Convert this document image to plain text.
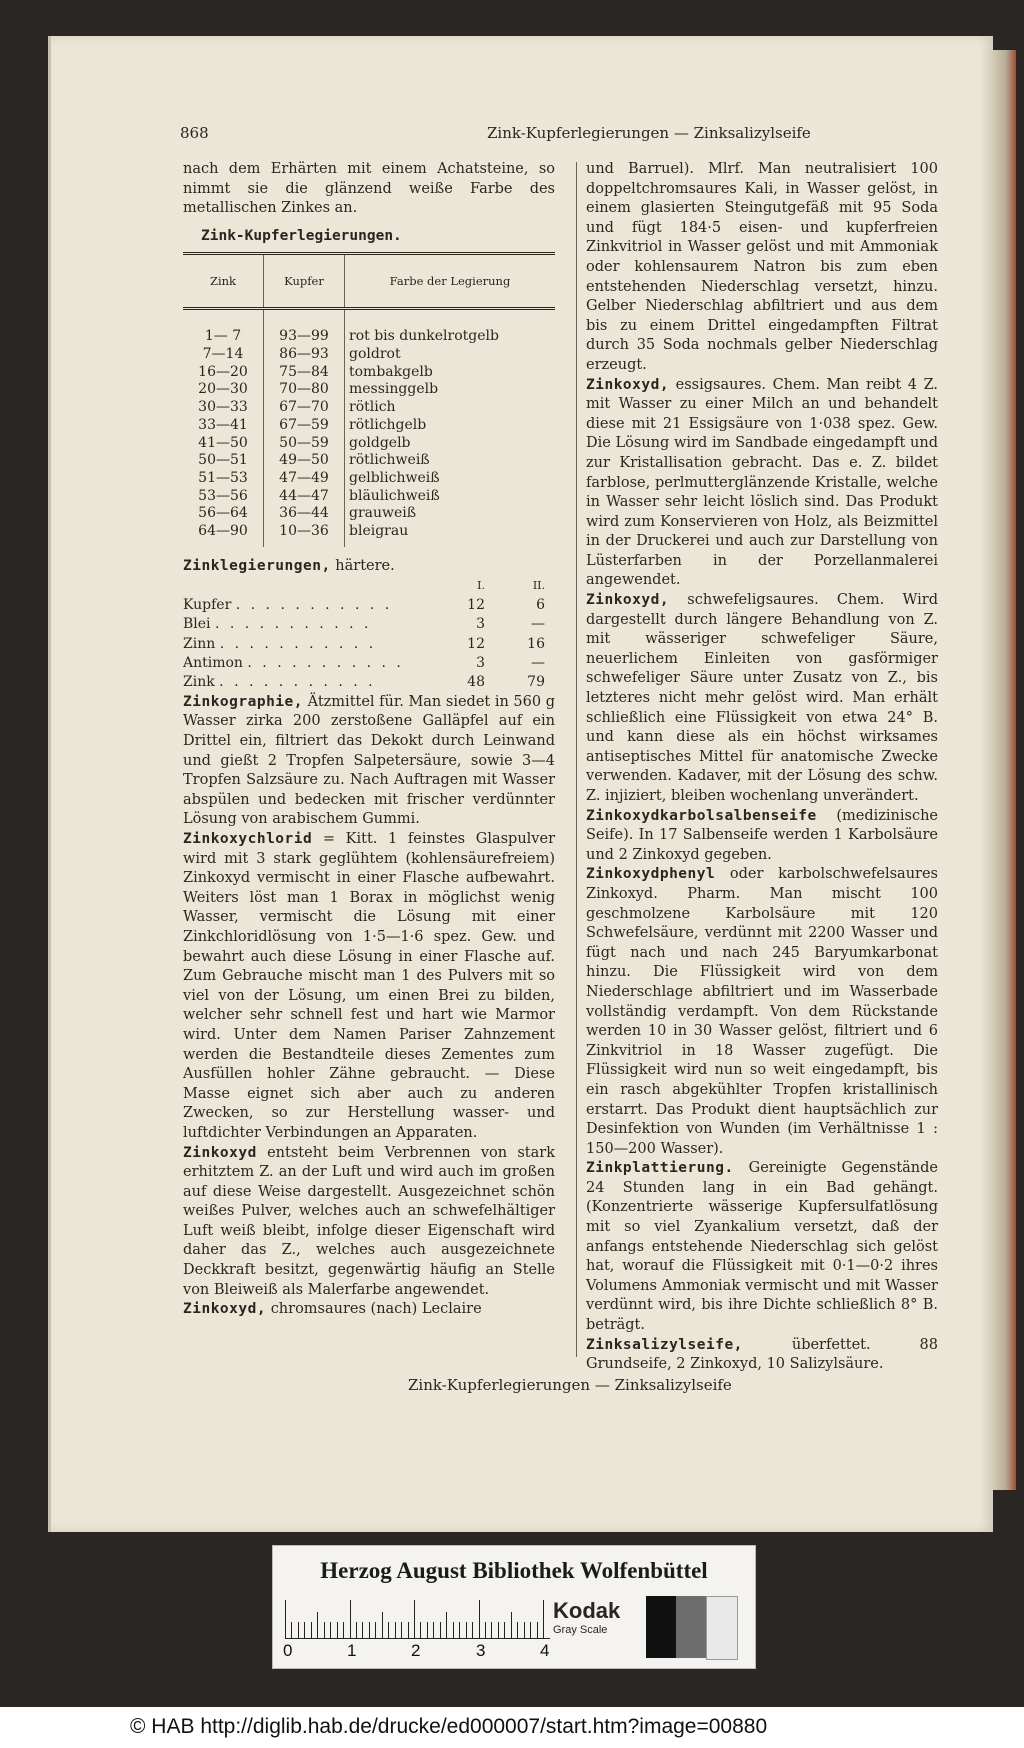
868	Zink-Kupferlegierungen — Zinksalizylseife

nach dem Erhärten mit einem Achatsteine, so nimmt sie die glänzend weiße Farbe des metallischen Zinkes an.

Zink-Kupferlegierungen.
Zink	Kupfer	Farbe der Legierung
1— 7	93—99	rot bis dunkelrotgelb
7—14	86—93	goldrot
16—20	75—84	tombakgelb
20—30	70—80	messinggelb
30—33	67—70	rötlich
33—41	67—59	rötlichgelb
41—50	50—59	goldgelb
50—51	49—50	rötlichweiß
51—53	47—49	gelblichweiß
53—56	44—47	bläulichweiß
56—64	36—44	grauweiß
64—90	10—36	bleigrau
Zinklegierungen, härtere.
	I.	II.
Kupfer . . . . . . . . . . .	12	6
Blei . . . . . . . . . . .	3	—
Zinn . . . . . . . . . . .	12	16
Antimon . . . . . . . . . . .	3	—
Zink . . . . . . . . . . .	48	79

Zinkographie, Ätzmittel für. Man siedet in 560 g Wasser zirka 200 zerstoßene Galläpfel auf ein Drittel ein, filtriert das Dekokt durch Leinwand und gießt 2 Tropfen Salpetersäure, sowie 3—4 Tropfen Salzsäure zu. Nach Auftragen mit Wasser abspülen und bedecken mit frischer verdünnter Lösung von arabischem Gummi.

Zinkoxychlorid = Kitt. 1 feinstes Glaspulver wird mit 3 stark geglühtem (kohlensäurefreiem) Zinkoxyd vermischt in einer Flasche aufbewahrt. Weiters löst man 1 Borax in möglichst wenig Wasser, vermischt die Lösung mit einer Zinkchloridlösung von 1·5—1·6 spez. Gew. und bewahrt auch diese Lösung in einer Flasche auf. Zum Gebrauche mischt man 1 des Pulvers mit so viel von der Lösung, um einen Brei zu bilden, welcher sehr schnell fest und hart wie Marmor wird. Unter dem Namen Pariser Zahnzement werden die Bestandteile dieses Zementes zum Ausfüllen hohler Zähne gebraucht. — Diese Masse eignet sich aber auch zu anderen Zwecken, so zur Herstellung wasser- und luftdichter Verbindungen an Apparaten.

Zinkoxyd entsteht beim Verbrennen von stark erhitztem Z. an der Luft und wird auch im großen auf diese Weise dargestellt. Ausgezeichnet schön weißes Pulver, welches auch an schwefelhältiger Luft weiß bleibt, infolge dieser Eigenschaft wird daher das Z., welches auch ausgezeichnete Deckkraft besitzt, gegenwärtig häufig an Stelle von Bleiweiß als Malerfarbe angewendet.

Zinkoxyd, chromsaures (nach) Leclaire

und Barruel). Mlrf. Man neutralisiert 100 doppeltchromsaures Kali, in Wasser gelöst, in einem glasierten Steingutgefäß mit 95 Soda und fügt 184·5 eisen- und kupferfreien Zinkvitriol in Wasser gelöst und mit Ammoniak oder kohlensaurem Natron bis zum eben entstehenden Niederschlag versetzt, hinzu. Gelber Niederschlag abfiltriert und aus dem bis zu einem Drittel eingedampften Filtrat durch 35 Soda nochmals gelber Niederschlag erzeugt.

Zinkoxyd, essigsaures. Chem. Man reibt 4 Z. mit Wasser zu einer Milch an und behandelt diese mit 21 Essigsäure von 1·038 spez. Gew. Die Lösung wird im Sandbade eingedampft und zur Kristallisation gebracht. Das e. Z. bildet farblose, perlmutterglänzende Kristalle, welche in Wasser sehr leicht löslich sind. Das Produkt wird zum Konservieren von Holz, als Beizmittel in der Druckerei und auch zur Darstellung von Lüsterfarben in der Porzellanmalerei angewendet.

Zinkoxyd, schwefeligsaures. Chem. Wird dargestellt durch längere Behandlung von Z. mit wässeriger schwefeliger Säure, neuerlichem Einleiten von gasförmiger schwefeliger Säure unter Zusatz von Z., bis letzteres nicht mehr gelöst wird. Man erhält schließlich eine Flüssigkeit von etwa 24° B. und kann diese als ein höchst wirksames antiseptisches Mittel für anatomische Zwecke verwenden. Kadaver, mit der Lösung des schw. Z. injiziert, bleiben wochenlang unverändert.

Zinkoxydkarbolsalbenseife (medizinische Seife). In 17 Salbenseife werden 1 Karbolsäure und 2 Zinkoxyd gegeben.

Zinkoxydphenyl oder karbolschwefelsaures Zinkoxyd. Pharm. Man mischt 100 geschmolzene Karbolsäure mit 120 Schwefelsäure, verdünnt mit 2200 Wasser und fügt nach und nach 245 Baryumkarbonat hinzu. Die Flüssigkeit wird von dem Niederschlage abfiltriert und im Wasserbade vollständig verdampft. Von dem Rückstande werden 10 in 30 Wasser gelöst, filtriert und 6 Zinkvitriol in 18 Wasser zugefügt. Die Flüssigkeit wird nun so weit eingedampft, bis ein rasch abgekühlter Tropfen kristallinisch erstarrt. Das Produkt dient hauptsächlich zur Desinfektion von Wunden (im Verhältnisse 1 : 150—200 Wasser).

Zinkplattierung. Gereinigte Gegenstände 24 Stunden lang in ein Bad gehängt. (Konzentrierte wässerige Kupfersulfatlösung mit so viel Zyankalium versetzt, daß der anfangs entstehende Niederschlag sich gelöst hat, worauf die Flüssigkeit mit 0·1—0·2 ihres Volumens Ammoniak vermischt und mit Wasser verdünnt wird, bis ihre Dichte schließlich 8° B. beträgt.

Zinksalizylseife,	überfettet. 88 Grundseife, 2 Zinkoxyd, 10 Salizylsäure.

Zink-Kupferlegierungen — Zinksalizylseife
Herzog August Bibliothek Wolfenbüttel
0	1	2	3	4
Kodak
Gray Scale
© HAB http://diglib.hab.de/drucke/ed000007/start.htm?image=00880
